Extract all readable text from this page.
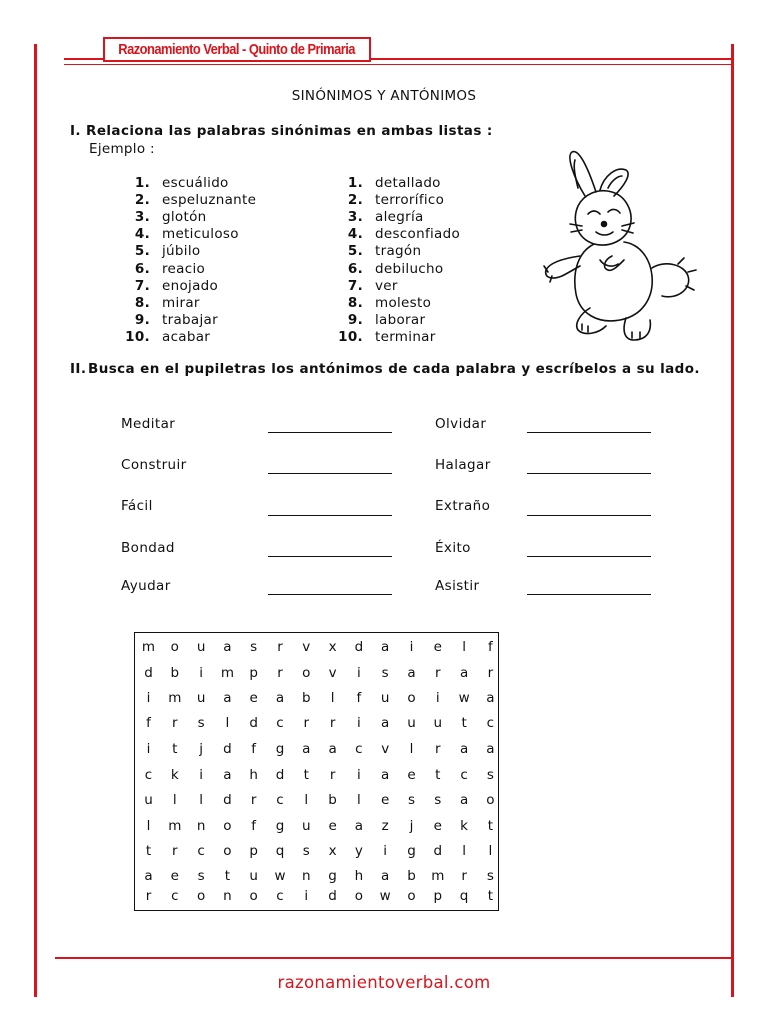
Razonamiento Verbal - Quinto de Primaria
SINÓNIMOS Y ANTÓNIMOS
I. Relaciona las palabras sinónimas en ambas listas :
Ejemplo :
1. escuálido
2. espeluznante
3. glotón
4. meticuloso
5. júbilo
6. reacio
7. enojado
8. mirar
9. trabajar
10. acabar
1. detallado
2. terrorífico
3. alegría
4. desconfiado
5. tragón
6. debilucho
7. ver
8. molesto
9. laborar
10. terminar
II. Busca en el pupiletras los antónimos de cada palabra y escríbelos a su lado.
Meditar
Construir
Fácil
Bondad
Ayudar
Olvidar
Halagar
Extraño
Éxito
Asistir
m	o	u	a	s	r	v	x	d	a	i	e	l	f
d	b	i	m	p	r	o	v	i	s	a	r	a	r
i	m	u	a	e	a	b	l	f	u	o	i	w	a
f	r	s	l	d	c	r	r	i	a	u	u	t	c
i	t	j	d	f	g	a	a	c	v	l	r	a	a
c	k	i	a	h	d	t	r	i	a	e	t	c	s
u	l	l	d	r	c	l	b	l	e	s	s	a	o
l	m	n	o	f	g	u	e	a	z	j	e	k	t
t	r	c	o	p	q	s	x	y	i	g	d	l	l
a	e	s	t	u	w	n	g	h	a	b	m	r	s
r	c	o	n	o	c	i	d	o	w	o	p	q	t
razonamientoverbal.com
